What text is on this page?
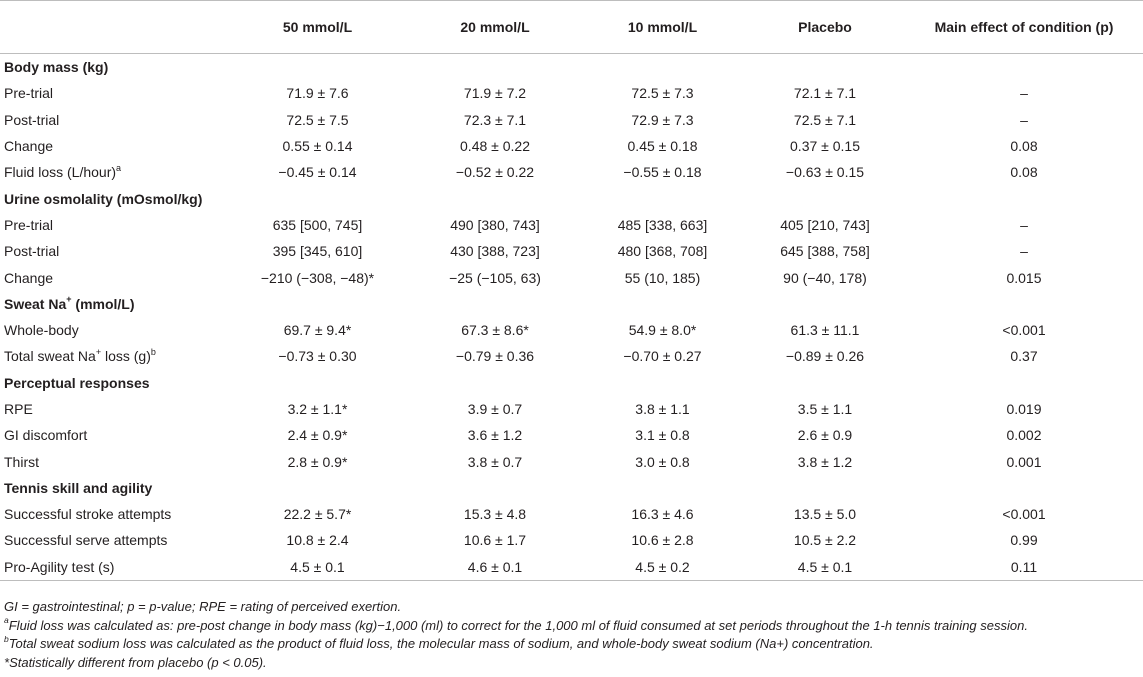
	50 mmol/L	20 mmol/L	10 mmol/L	Placebo	Main effect of condition (p)
Body mass (kg)					
Pre-trial	71.9 ± 7.6	71.9 ± 7.2	72.5 ± 7.3	72.1 ± 7.1	–
Post-trial	72.5 ± 7.5	72.3 ± 7.1	72.9 ± 7.3	72.5 ± 7.1	–
Change	0.55 ± 0.14	0.48 ± 0.22	0.45 ± 0.18	0.37 ± 0.15	0.08
Fluid loss (L/hour)$^a$	−0.45 ± 0.14	−0.52 ± 0.22	−0.55 ± 0.18	−0.63 ± 0.15	0.08
Urine osmolality (mOsmol/kg)					
Pre-trial	635 [500, 745]	490 [380, 743]	485 [338, 663]	405 [210, 743]	–
Post-trial	395 [345, 610]	430 [388, 723]	480 [368, 708]	645 [388, 758]	–
Change	−210 (−308, −48)*	−25 (−105, 63)	55 (10, 185)	90 (−40, 178)	0.015
Sweat Na+ (mmol/L)					
Whole-body	69.7 ± 9.4*	67.3 ± 8.6*	54.9 ± 8.0*	61.3 ± 11.1	<0.001
Total sweat Na+ loss $(g)^b$	−0.73 ± 0.30	−0.79 ± 0.36	−0.70 ± 0.27	−0.89 ± 0.26	0.37
Perceptual responses					
RPE	3.2 ± 1.1*	3.9 ± 0.7	3.8 ± 1.1	3.5 ± 1.1	0.019
GI discomfort	2.4 ± 0.9*	3.6 ± 1.2	3.1 ± 0.8	2.6 ± 0.9	0.002
Thirst	2.8 ± 0.9*	3.8 ± 0.7	3.0 ± 0.8	3.8 ± 1.2	0.001
Tennis skill and agility					
Successful stroke attempts	22.2 ± 5.7*	15.3 ± 4.8	16.3 ± 4.6	13.5 ± 5.0	<0.001
Successful serve attempts	10.8 ± 2.4	10.6 ± 1.7	10.6 ± 2.8	10.5 ± 2.2	0.99
Pro-Agility test (s)	4.5 ± 0.1	4.6 ± 0.1	4.5 ± 0.2	4.5 ± 0.1	0.11
GI = gastrointestinal; p = p-value; RPE = rating of perceived exertion.
$^a$Fluid loss was calculated as: pre-post change in body mass (kg)−1,000 (ml) to correct for the 1,000 ml of fluid consumed at set periods throughout the 1-h tennis training session.
$^b$Total sweat sodium loss was calculated as the product of fluid loss, the molecular mass of sodium, and whole-body sweat sodium (Na+) concentration.
*Statistically different from placebo (p < 0.05).
